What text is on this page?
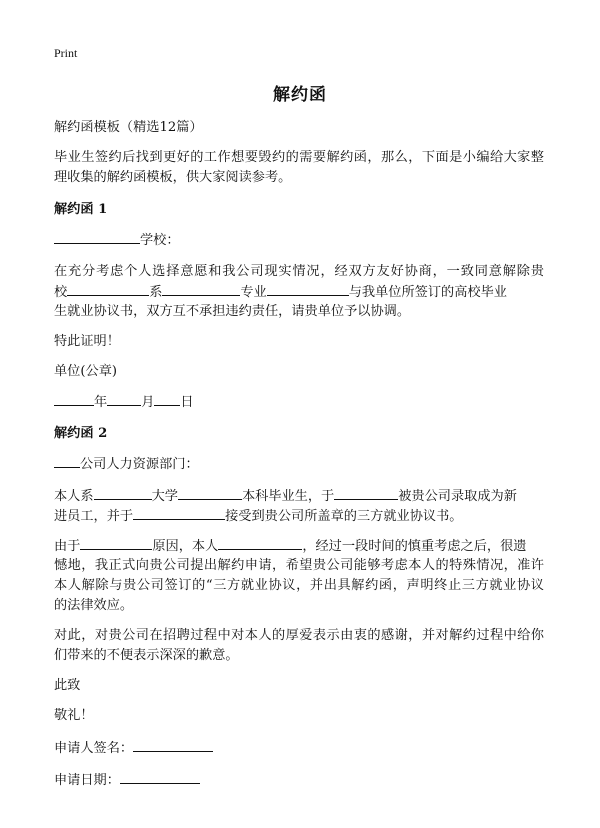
Print
解约函
解约函模板（精选12篇）
毕业生签约后找到更好的工作想要毁约的需要解约函，那么，下面是小编给大家整
理收集的解约函模板，供大家阅读参考。
解约函 1
学校：
在充分考虑个人选择意愿和我公司现实情况，经双方友好协商，一致同意解除贵
校	系	专业	与我单位所签订的高校毕业
生就业协议书，双方互不承担违约责任，请贵单位予以协调。
特此证明！
单位(公章)
年	月 日
解约函 2
公司人力资源部门：
本人系	大学	本科毕业生，于	被贵公司录取成为新
进员工，并于	接受到贵公司所盖章的三方就业协议书。
由于	原因，本人	，经过一段时间的慎重考虑之后，很遗
憾地，我正式向贵公司提出解约申请，希望贵公司能够考虑本人的特殊情况，准许
本人解除与贵公司签订的“三方就业协议，并出具解约函，声明终止三方就业协议
的法律效应。
对此，对贵公司在招聘过程中对本人的厚爱表示由衷的感谢，并对解约过程中给你
们带来的不便表示深深的歉意。
此致
敬礼！
申请人签名：
申请日期：
